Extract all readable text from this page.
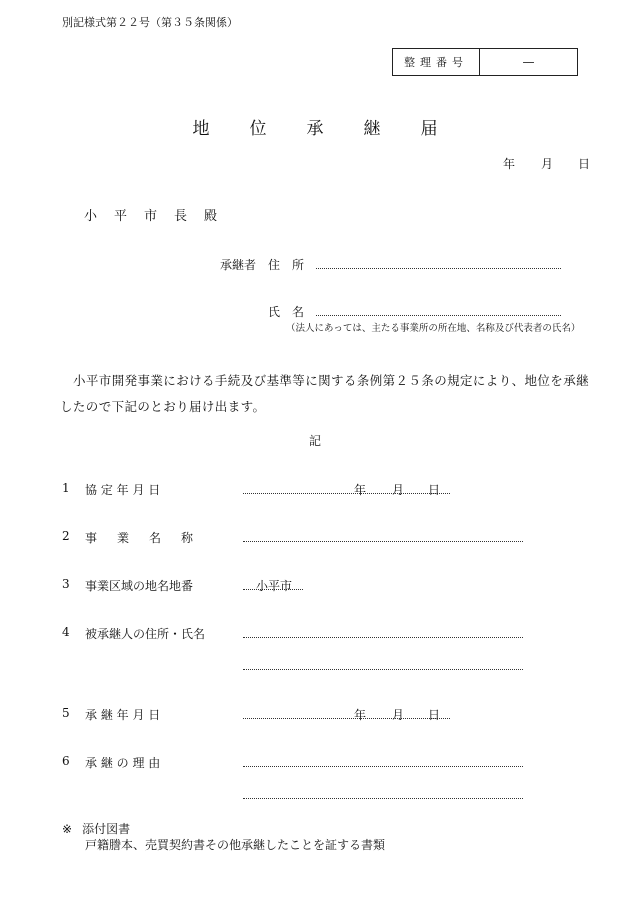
別記様式第２２号（第３５条関係）
整理番号	—
地位承継届
年 月 日
小平市長殿
承継者 住　所
氏　名
（法人にあっては、主たる事業所の所在地、名称及び代表者の氏名）
小平市開発事業における手続及び基準等に関する条例第２５条の規定により、地位を承継したので下記のとおり届け出ます。
記
1 協 定 年 月 日	年 月 日
2 事　業　名　称
3 事業区域の地名地番	小平市
4 被承継人の住所・氏名
5 承 継 年 月 日	年 月 日
6 承 継 の 理 由
※ 添付図書
戸籍謄本、売買契約書その他承継したことを証する書類
